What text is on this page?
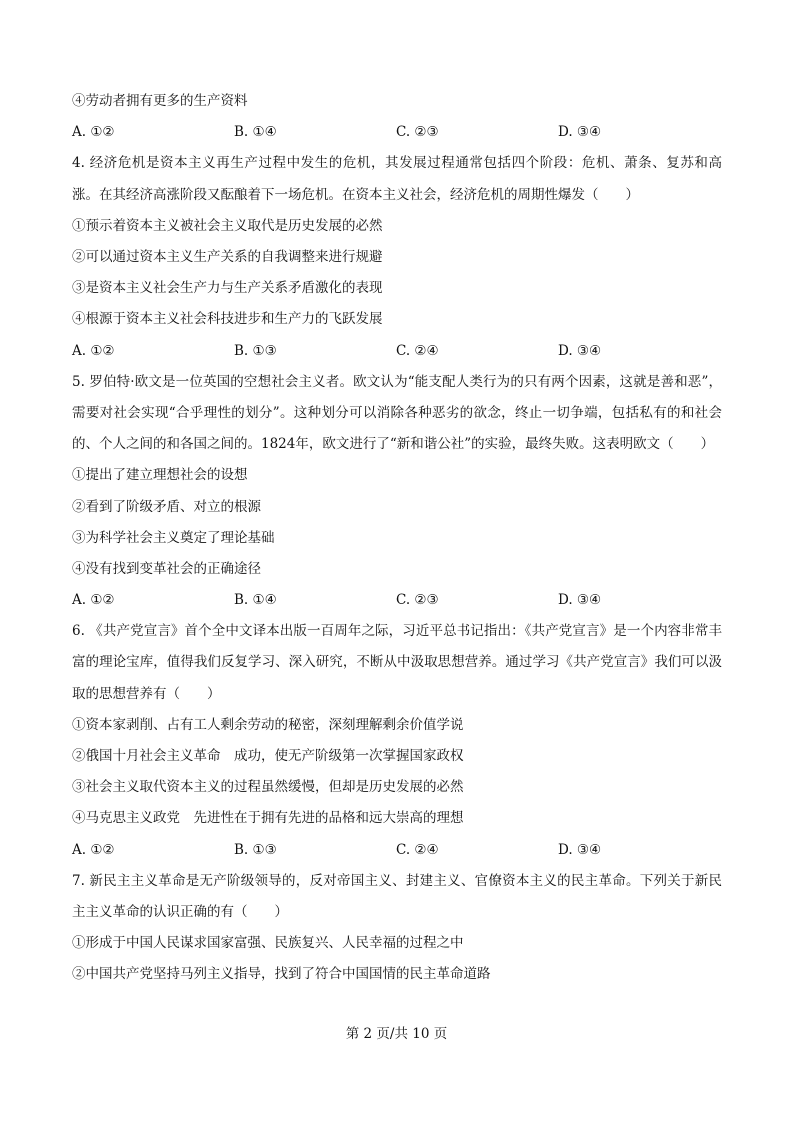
④劳动者拥有更多的生产资料
A. ①②	B. ①④	C. ②③	D. ③④
4. 经济危机是资本主义再生产过程中发生的危机，其发展过程通常包括四个阶段：危机、萧条、复苏和高涨。在其经济高涨阶段又酝酿着下一场危机。在资本主义社会，经济危机的周期性爆发（　　）
①预示着资本主义被社会主义取代是历史发展的必然
②可以通过资本主义生产关系的自我调整来进行规避
③是资本主义社会生产力与生产关系矛盾激化的表现
④根源于资本主义社会科技进步和生产力的飞跃发展
A. ①②	B. ①③	C. ②④	D. ③④
5. 罗伯特·欧文是一位英国的空想社会主义者。欧文认为“能支配人类行为的只有两个因素，这就是善和恶”，需要对社会实现“合乎理性的划分”。这种划分可以消除各种恶劣的欲念，终止一切争端，包括私有的和社会的、个人之间的和各国之间的。1824年，欧文进行了“新和谐公社”的实验，最终失败。这表明欧文（　　）
①提出了建立理想社会的设想
②看到了阶级矛盾、对立的根源
③为科学社会主义奠定了理论基础
④没有找到变革社会的正确途径
A. ①②	B. ①④	C. ②③	D. ③④
6. 《共产党宣言》首个全中文译本出版一百周年之际，习近平总书记指出：《共产党宣言》是一个内容非常丰富的理论宝库，值得我们反复学习、深入研究，不断从中汲取思想营养。通过学习《共产党宣言》我们可以汲取的思想营养有（　　）
①资本家剥削、占有工人剩余劳动的秘密，深刻理解剩余价值学说
②俄国十月社会主义革命　成功，使无产阶级第一次掌握国家政权
③社会主义取代资本主义的过程虽然缓慢，但却是历史发展的必然
④马克思主义政党　先进性在于拥有先进的品格和远大崇高的理想
A. ①②	B. ①③	C. ②④	D. ③④
7. 新民主主义革命是无产阶级领导的，反对帝国主义、封建主义、官僚资本主义的民主革命。下列关于新民主主义革命的认识正确的有（　　）
①形成于中国人民谋求国家富强、民族复兴、人民幸福的过程之中
②中国共产党坚持马列主义指导，找到了符合中国国情的民主革命道路
第 2 页/共 10 页
